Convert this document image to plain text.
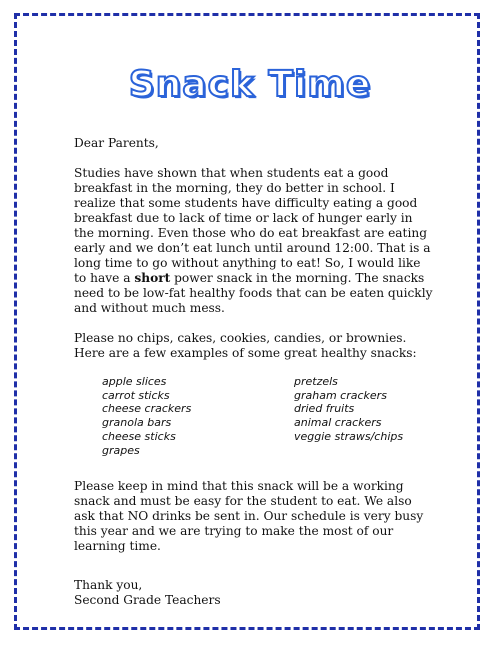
Snack Time

Dear Parents,

Studies have shown that when students eat a good breakfast in the morning, they do better in school. I realize that some students have difficulty eating a good breakfast due to lack of time or lack of hunger early in the morning. Even those who do eat breakfast are eating early and we don’t eat lunch until around 12:00. That is a long time to go without anything to eat! So, I would like to have a short power snack in the morning. The snacks need to be low-fat healthy foods that can be eaten quickly and without much mess.

Please no chips, cakes, cookies, candies, or brownies. Here are a few examples of some great healthy snacks:

apple slices
carrot sticks
cheese crackers
granola bars
cheese sticks
grapes
pretzels
graham crackers
dried fruits
animal crackers
veggie straws/chips

Please keep in mind that this snack will be a working snack and must be easy for the student to eat. We also ask that NO drinks be sent in. Our schedule is very busy this year and we are trying to make the most of our learning time.

Thank you,

Second Grade Teachers
